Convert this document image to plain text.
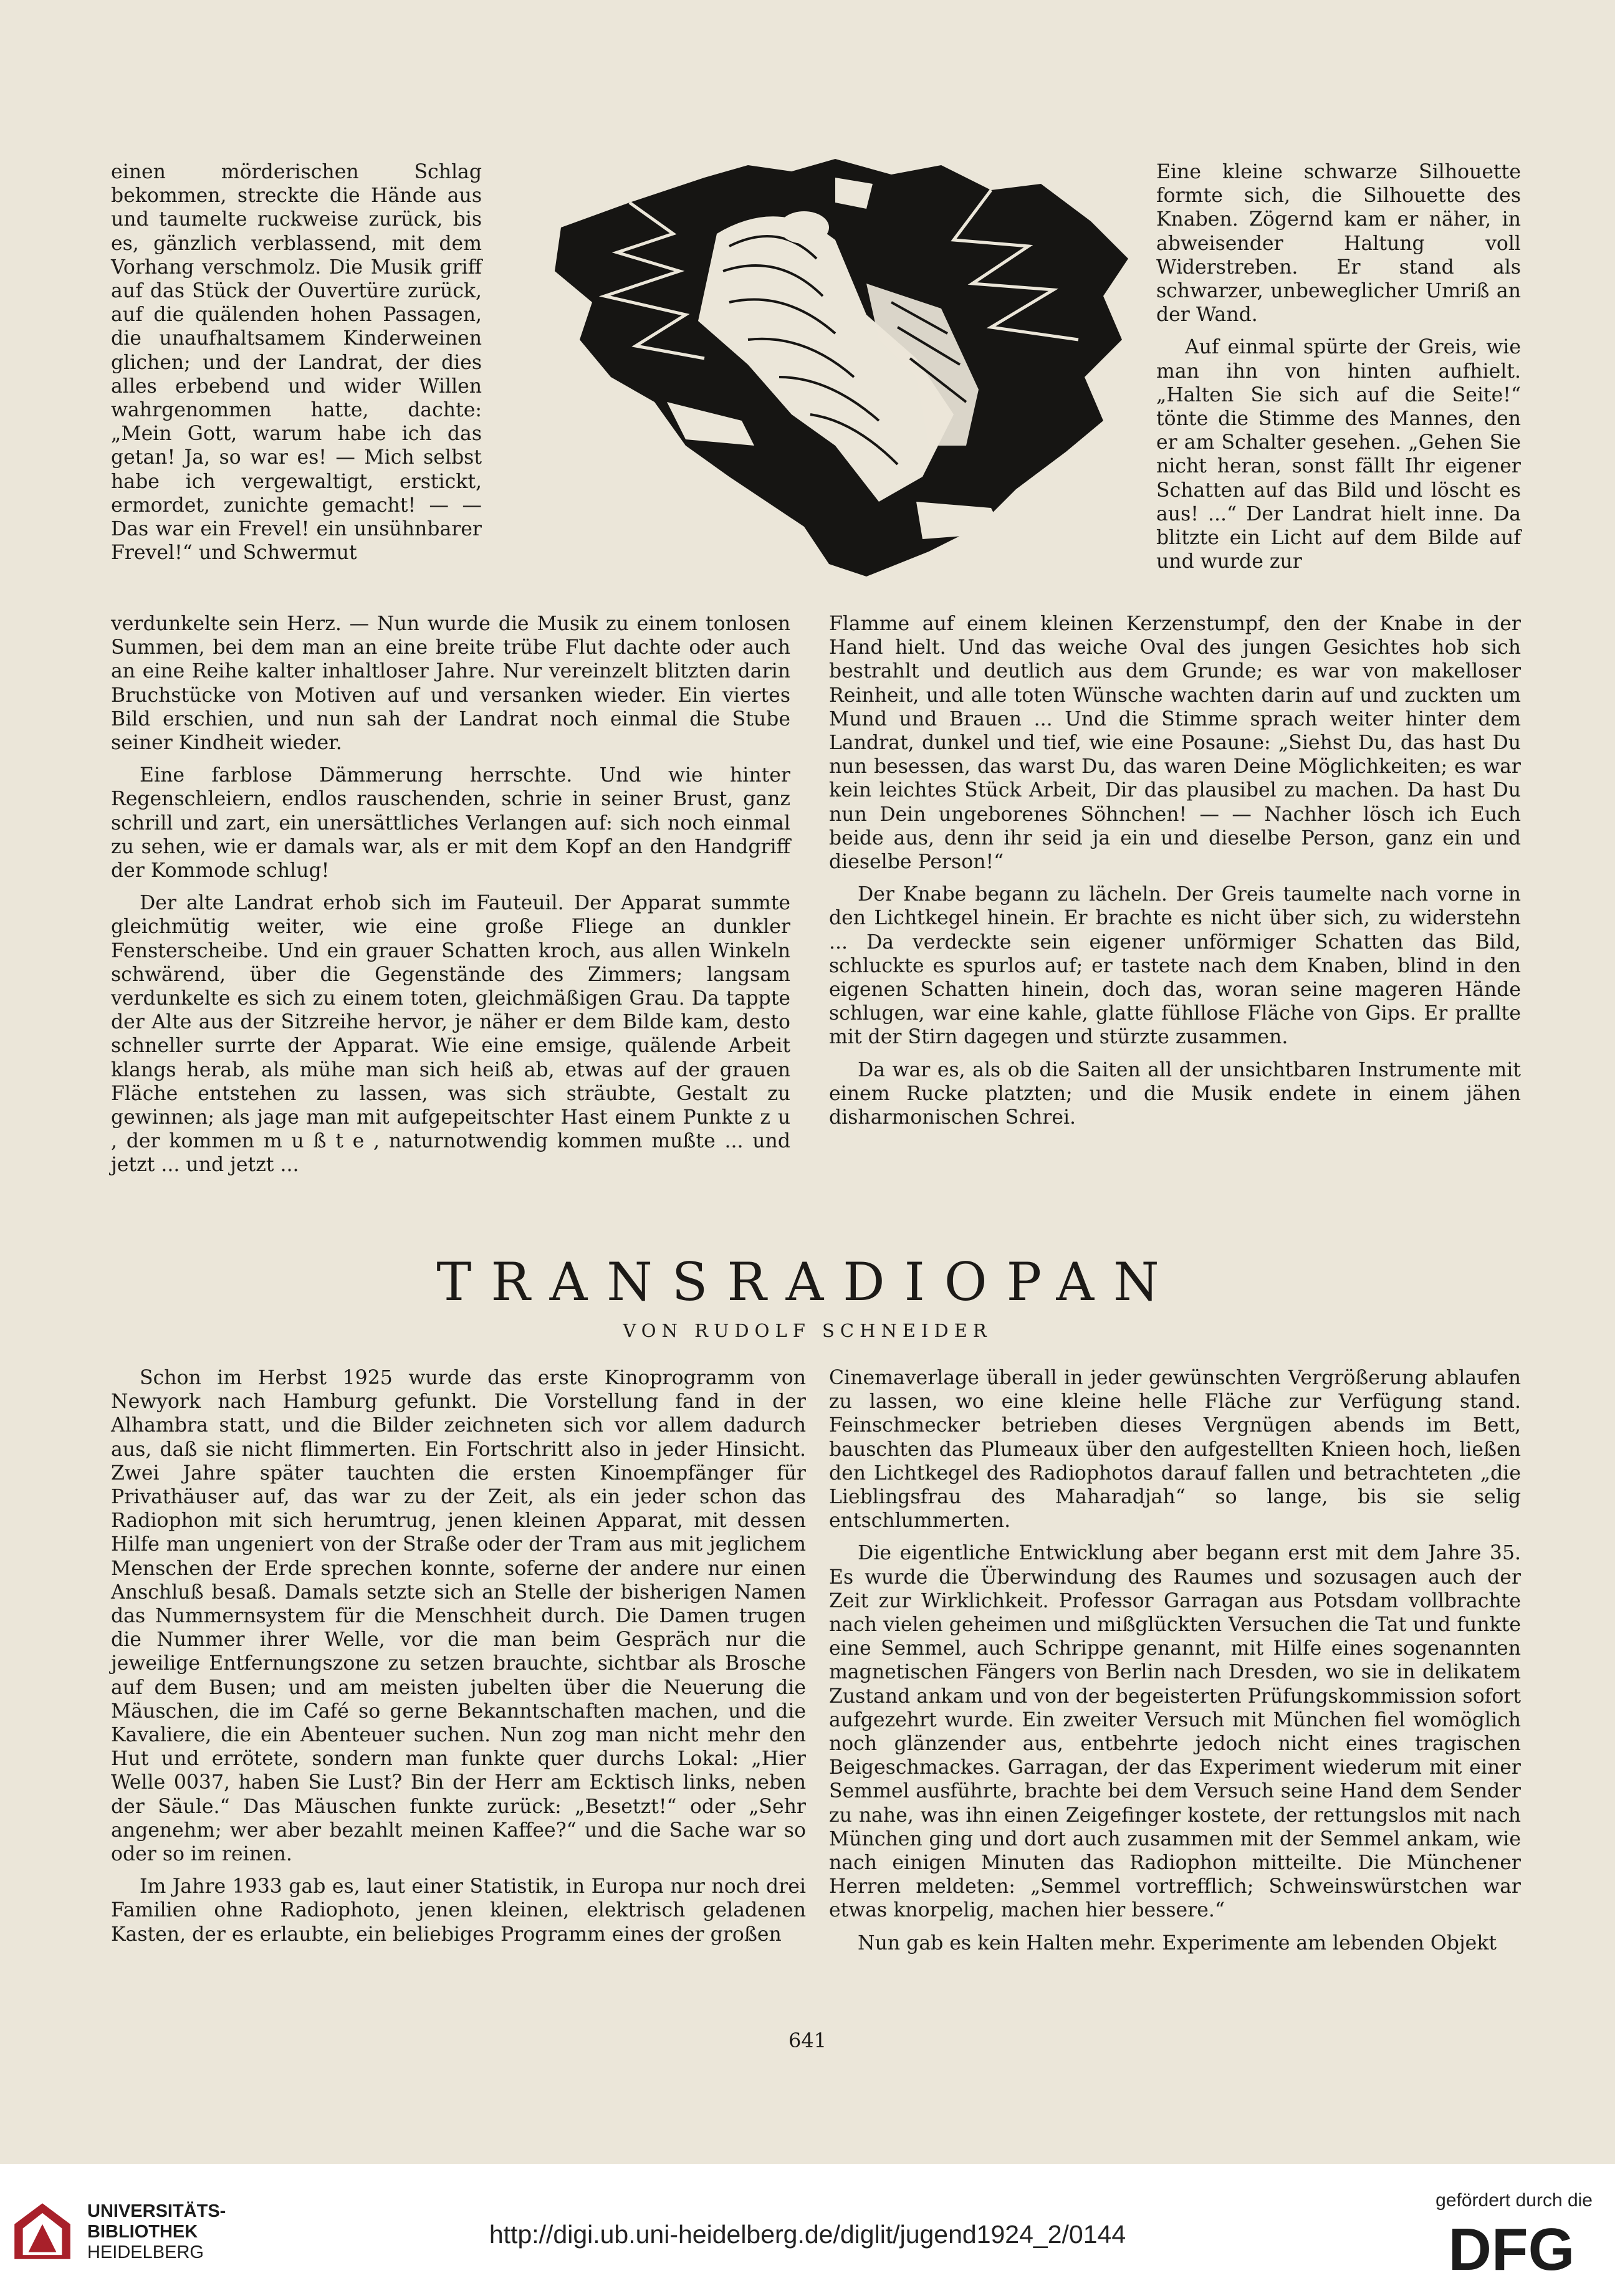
einen mörderischen Schlag bekommen, streckte die Hände aus und taumelte ruckweise zurück, bis es, gänzlich verblassend, mit dem Vorhang verschmolz. Die Musik griff auf das Stück der Ouvertüre zurück, auf die quälenden hohen Passagen, die unaufhaltsamem Kinderweinen glichen; und der Landrat, der dies alles erbebend und wider Willen wahrgenommen hatte, dachte: „Mein Gott, warum habe ich das getan! Ja, so war es! — Mich selbst habe ich vergewaltigt, erstickt, ermordet, zunichte gemacht! — — Das war ein Frevel! ein unsühnbarer Frevel!“ und Schwermut

Eine kleine schwarze Silhouette formte sich, die Silhouette des Knaben. Zögernd kam er näher, in abweisender Haltung voll Widerstreben. Er stand als schwarzer, unbeweglicher Umriß an der Wand.

Auf einmal spürte der Greis, wie man ihn von hinten aufhielt. „Halten Sie sich auf die Seite!“ tönte die Stimme des Mannes, den er am Schalter gesehen. „Gehen Sie nicht heran, sonst fällt Ihr eigener Schatten auf das Bild und löscht es aus! ...“ Der Landrat hielt inne. Da blitzte ein Licht auf dem Bilde auf und wurde zur

verdunkelte sein Herz. — Nun wurde die Musik zu einem tonlosen Summen, bei dem man an eine breite trübe Flut dachte oder auch an eine Reihe kalter inhaltloser Jahre. Nur vereinzelt blitzten darin Bruchstücke von Motiven auf und versanken wieder. Ein viertes Bild erschien, und nun sah der Landrat noch einmal die Stube seiner Kindheit wieder.

Eine farblose Dämmerung herrschte. Und wie hinter Regenschleiern, endlos rauschenden, schrie in seiner Brust, ganz schrill und zart, ein unersättliches Verlangen auf: sich noch einmal zu sehen, wie er damals war, als er mit dem Kopf an den Handgriff der Kommode schlug!

Der alte Landrat erhob sich im Fauteuil. Der Apparat summte gleichmütig weiter, wie eine große Fliege an dunkler Fensterscheibe. Und ein grauer Schatten kroch, aus allen Winkeln schwärend, über die Gegenstände des Zimmers; langsam verdunkelte es sich zu einem toten, gleichmäßigen Grau. Da tappte der Alte aus der Sitzreihe hervor, je näher er dem Bilde kam, desto schneller surrte der Apparat. Wie eine emsige, quälende Arbeit klangs herab, als mühe man sich heiß ab, etwas auf der grauen Fläche entstehen zu lassen, was sich sträubte, Gestalt zu gewinnen; als jage man mit aufgepeitschter Hast einem Punkte z u , der kommen m u ß t e , naturnotwendig kommen mußte ... und jetzt ... und jetzt ...

Flamme auf einem kleinen Kerzenstumpf, den der Knabe in der Hand hielt. Und das weiche Oval des jungen Gesichtes hob sich bestrahlt und deutlich aus dem Grunde; es war von makelloser Reinheit, und alle toten Wünsche wachten darin auf und zuckten um Mund und Brauen ... Und die Stimme sprach weiter hinter dem Landrat, dunkel und tief, wie eine Posaune: „Siehst Du, das hast Du nun besessen, das warst Du, das waren Deine Möglichkeiten; es war kein leichtes Stück Arbeit, Dir das plausibel zu machen. Da hast Du nun Dein ungeborenes Söhnchen! — — Nachher lösch ich Euch beide aus, denn ihr seid ja ein und dieselbe Person, ganz ein und dieselbe Person!“

Der Knabe begann zu lächeln. Der Greis taumelte nach vorne in den Lichtkegel hinein. Er brachte es nicht über sich, zu widerstehn ... Da verdeckte sein eigener unförmiger Schatten das Bild, schluckte es spurlos auf; er tastete nach dem Knaben, blind in den eigenen Schatten hinein, doch das, woran seine mageren Hände schlugen, war eine kahle, glatte fühllose Fläche von Gips. Er prallte mit der Stirn dagegen und stürzte zusammen.

Da war es, als ob die Saiten all der unsichtbaren Instrumente mit einem Rucke platzten; und die Musik endete in einem jähen disharmonischen Schrei.

TRANSRADIOPAN
VON RUDOLF SCHNEIDER

Schon im Herbst 1925 wurde das erste Kinoprogramm von Newyork nach Hamburg gefunkt. Die Vorstellung fand in der Alhambra statt, und die Bilder zeichneten sich vor allem dadurch aus, daß sie nicht flimmerten. Ein Fortschritt also in jeder Hinsicht. Zwei Jahre später tauchten die ersten Kinoempfänger für Privathäuser auf, das war zu der Zeit, als ein jeder schon das Radiophon mit sich herumtrug, jenen kleinen Apparat, mit dessen Hilfe man ungeniert von der Straße oder der Tram aus mit jeglichem Menschen der Erde sprechen konnte, soferne der andere nur einen Anschluß besaß. Damals setzte sich an Stelle der bisherigen Namen das Nummernsystem für die Menschheit durch. Die Damen trugen die Nummer ihrer Welle, vor die man beim Gespräch nur die jeweilige Entfernungszone zu setzen brauchte, sichtbar als Brosche auf dem Busen; und am meisten jubelten über die Neuerung die Mäuschen, die im Café so gerne Bekanntschaften machen, und die Kavaliere, die ein Abenteuer suchen. Nun zog man nicht mehr den Hut und errötete, sondern man funkte quer durchs Lokal: „Hier Welle 0037, haben Sie Lust? Bin der Herr am Ecktisch links, neben der Säule.“ Das Mäuschen funkte zurück: „Besetzt!“ oder „Sehr angenehm; wer aber bezahlt meinen Kaffee?“ und die Sache war so oder so im reinen.

Im Jahre 1933 gab es, laut einer Statistik, in Europa nur noch drei Familien ohne Radiophoto, jenen kleinen, elektrisch geladenen Kasten, der es erlaubte, ein beliebiges Programm eines der großen

Cinemaverlage überall in jeder gewünschten Vergrößerung ablaufen zu lassen, wo eine kleine helle Fläche zur Verfügung stand. Feinschmecker betrieben dieses Vergnügen abends im Bett, bauschten das Plumeaux über den aufgestellten Knieen hoch, ließen den Lichtkegel des Radiophotos darauf fallen und betrachteten „die Lieblingsfrau des Maharadjah“ so lange, bis sie selig entschlummerten.

Die eigentliche Entwicklung aber begann erst mit dem Jahre 35. Es wurde die Überwindung des Raumes und sozusagen auch der Zeit zur Wirklichkeit. Professor Garragan aus Potsdam vollbrachte nach vielen geheimen und mißglückten Versuchen die Tat und funkte eine Semmel, auch Schrippe genannt, mit Hilfe eines sogenannten magnetischen Fängers von Berlin nach Dresden, wo sie in delikatem Zustand ankam und von der begeisterten Prüfungskommission sofort aufgezehrt wurde. Ein zweiter Versuch mit München fiel womöglich noch glänzender aus, entbehrte jedoch nicht eines tragischen Beigeschmackes. Garragan, der das Experiment wiederum mit einer Semmel ausführte, brachte bei dem Versuch seine Hand dem Sender zu nahe, was ihn einen Zeigefinger kostete, der rettungslos mit nach München ging und dort auch zusammen mit der Semmel ankam, wie nach einigen Minuten das Radiophon mitteilte. Die Münchener Herren meldeten: „Semmel vortrefflich; Schweinswürstchen war etwas knorpelig, machen hier bessere.“

Nun gab es kein Halten mehr. Experimente am lebenden Objekt

641
UNIVERSITÄTS-
BIBLIOTHEK
HEIDELBERG
http://digi.ub.uni-heidelberg.de/diglit/jugend1924_2/0144
gefördert durch die
DFG
